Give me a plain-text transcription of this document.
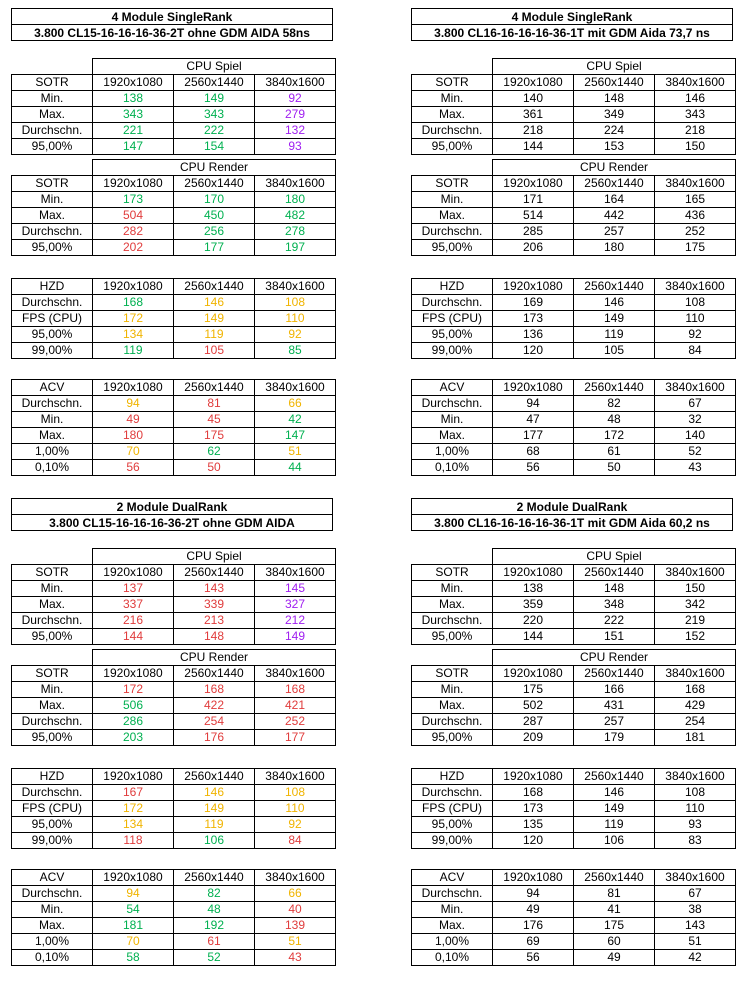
4 Module SingleRank
3.800 CL15-16-16-16-36-2T ohne GDM AIDA 58ns
	CPU Spiel		
SOTR	1920x1080	2560x1440	3840x1600
Min.	138	149	92
Max.	343	343	279
Durchschn.	221	222	132
95,00%	147	154	93
	CPU Render		
SOTR	1920x1080	2560x1440	3840x1600
Min.	173	170	180
Max.	504	450	482
Durchschn.	282	256	278
95,00%	202	177	197
HZD	1920x1080	2560x1440	3840x1600
Durchschn.	168	146	108
FPS (CPU)	172	149	110
95,00%	134	119	92
99,00%	119	105	85
ACV	1920x1080	2560x1440	3840x1600
Durchschn.	94	81	66
Min.	49	45	42
Max.	180	175	147
1,00%	70	62	51
0,10%	56	50	44
4 Module SingleRank
3.800 CL16-16-16-16-36-1T mit GDM Aida 73,7 ns
	CPU Spiel		
SOTR	1920x1080	2560x1440	3840x1600
Min.	140	148	146
Max.	361	349	343
Durchschn.	218	224	218
95,00%	144	153	150
	CPU Render		
SOTR	1920x1080	2560x1440	3840x1600
Min.	171	164	165
Max.	514	442	436
Durchschn.	285	257	252
95,00%	206	180	175
HZD	1920x1080	2560x1440	3840x1600
Durchschn.	169	146	108
FPS (CPU)	173	149	110
95,00%	136	119	92
99,00%	120	105	84
ACV	1920x1080	2560x1440	3840x1600
Durchschn.	94	82	67
Min.	47	48	32
Max.	177	172	140
1,00%	68	61	52
0,10%	56	50	43
2 Module DualRank
3.800 CL15-16-16-16-36-2T ohne GDM AIDA
	CPU Spiel		
SOTR	1920x1080	2560x1440	3840x1600
Min.	137	143	145
Max.	337	339	327
Durchschn.	216	213	212
95,00%	144	148	149
	CPU Render		
SOTR	1920x1080	2560x1440	3840x1600
Min.	172	168	168
Max.	506	422	421
Durchschn.	286	254	252
95,00%	203	176	177
HZD	1920x1080	2560x1440	3840x1600
Durchschn.	167	146	108
FPS (CPU)	172	149	110
95,00%	134	119	92
99,00%	118	106	84
ACV	1920x1080	2560x1440	3840x1600
Durchschn.	94	82	66
Min.	54	48	40
Max.	181	192	139
1,00%	70	61	51
0,10%	58	52	43
2 Module DualRank
3.800 CL16-16-16-16-36-1T mit GDM Aida 60,2 ns
	CPU Spiel		
SOTR	1920x1080	2560x1440	3840x1600
Min.	138	148	150
Max.	359	348	342
Durchschn.	220	222	219
95,00%	144	151	152
	CPU Render		
SOTR	1920x1080	2560x1440	3840x1600
Min.	175	166	168
Max.	502	431	429
Durchschn.	287	257	254
95,00%	209	179	181
HZD	1920x1080	2560x1440	3840x1600
Durchschn.	168	146	108
FPS (CPU)	173	149	110
95,00%	135	119	93
99,00%	120	106	83
ACV	1920x1080	2560x1440	3840x1600
Durchschn.	94	81	67
Min.	49	41	38
Max.	176	175	143
1,00%	69	60	51
0,10%	56	49	42
